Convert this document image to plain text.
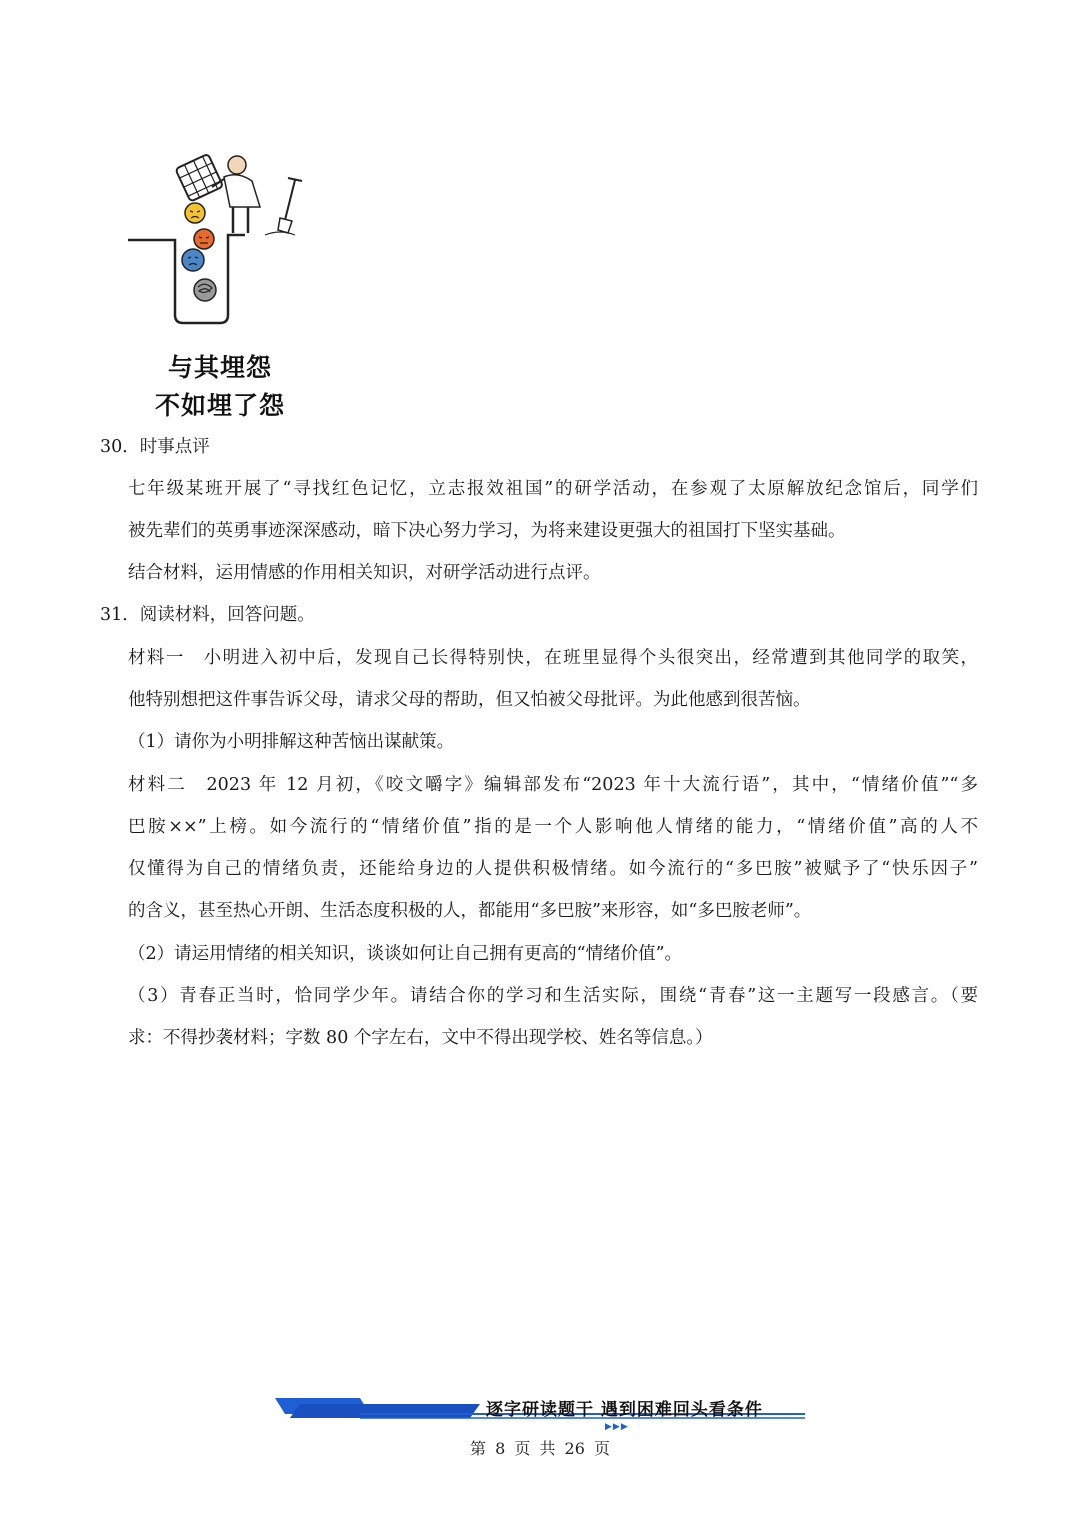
与其埋怨
不如埋了怨
30．时事点评
七年级某班开展了“寻找红色记忆，立志报效祖国”的研学活动，在参观了太原解放纪念馆后，同学们
被先辈们的英勇事迹深深感动，暗下决心努力学习，为将来建设更强大的祖国打下坚实基础。
结合材料，运用情感的作用相关知识，对研学活动进行点评。
31．阅读材料，回答问题。
材料一　小明进入初中后，发现自己长得特别快，在班里显得个头很突出，经常遭到其他同学的取笑，
他特别想把这件事告诉父母，请求父母的帮助，但又怕被父母批评。为此他感到很苦恼。
（1）请你为小明排解这种苦恼出谋献策。
材料二　2023 年 12 月初，《咬文嚼字》编辑部发布“2023 年十大流行语”，其中，“情绪价值”“多
巴胺××”上榜。如今流行的“情绪价值”指的是一个人影响他人情绪的能力，“情绪价值”高的人不
仅懂得为自己的情绪负责，还能给身边的人提供积极情绪。如今流行的“多巴胺”被赋予了“快乐因子”
的含义，甚至热心开朗、生活态度积极的人，都能用“多巴胺”来形容，如“多巴胺老师”。
（2）请运用情绪的相关知识，谈谈如何让自己拥有更高的“情绪价值”。
（3）青春正当时，恰同学少年。请结合你的学习和生活实际，围绕“青春”这一主题写一段感言。（要
求：不得抄袭材料；字数 80 个字左右，文中不得出现学校、姓名等信息。）
逐字研读题干 遇到困难回头看条件
▶▶▶
第 8 页 共 26 页
